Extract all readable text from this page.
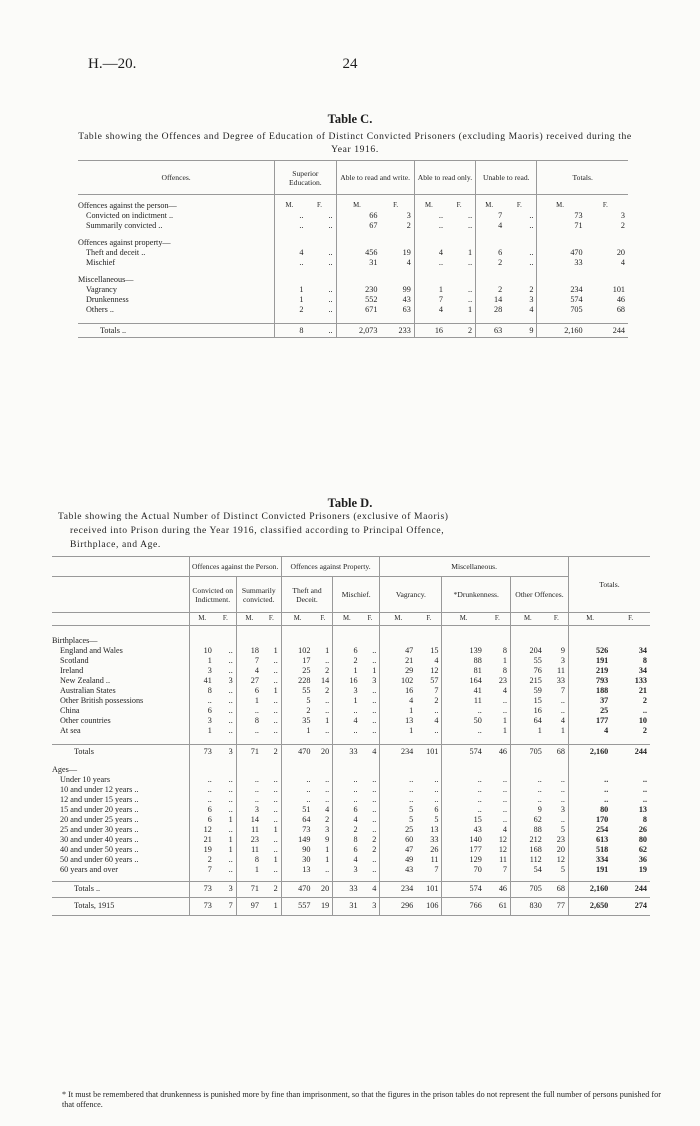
H.—20.	24
Table C.
Table showing the Offences and Degree of Education of Distinct Convicted Prisoners (excluding Maoris) received during the Year 1916.
Offences.	Superior Education.		Able to read and write.		Able to read only.		Unable to read.		Totals.	

Offences against the person—	M.	F.	M.	F.	M.	F.	M.	F.	M.	F.
Convicted on indictment ..	..	..	66	3	..	..	7	..	73	3
Summarily convicted ..	..	..	67	2	..	..	4	..	71	2

Offences against property—										
Theft and deceit ..	4	..	456	19	4	1	6	..	470	20
Mischief	..	..	31	4	..	..	2	..	33	4

Miscellaneous—										
Vagrancy	1	..	230	99	1	..	2	2	234	101
Drunkenness	1	..	552	43	7	..	14	3	574	46
Others ..	2	..	671	63	4	1	28	4	705	68

Totals ..	8	..	2,073	233	16	2	63	9	2,160	244
Table D.
Table showing the Actual Number of Distinct Convicted Prisoners (exclusive of Maoris)
received into Prison during the Year 1916, classified according to Principal Offence,
Birthplace, and Age.
	Offences against the Person.				Offences against Property.				Miscellaneous.						Totals.	
	Convicted on Indictment.		Summarily convicted.		Theft and Deceit.		Mischief.		Vagrancy.		*Drunkenness.		Other Offences.			
	M.	F.	M.	F.	M.	F.	M.	F.	M.	F.	M.	F.	M.	F.	M.	F.

Birthplaces—																
England and Wales	10	..	18	1	102	1	6	..	47	15	139	8	204	9	526	34
Scotland	1	..	7	..	17	..	2	..	21	4	88	1	55	3	191	8
Ireland	3	..	4	..	25	2	1	1	29	12	81	8	76	11	219	34
New Zealand ..	41	3	27	..	228	14	16	3	102	57	164	23	215	33	793	133
Australian States	8	..	6	1	55	2	3	..	16	7	41	4	59	7	188	21
Other British possessions	..	..	1	..	5	..	1	..	4	2	11	..	15	..	37	2
China	6	..	..	..	2	..	..	..	1	..	..	..	16	..	25	..
Other countries	3	..	8	..	35	1	4	..	13	4	50	1	64	4	177	10
At sea	1	..	..	..	1	..	..	..	1	..	..	1	1	1	4	2

Totals	73	3	71	2	470	20	33	4	234	101	574	46	705	68	2,160	244

Ages—																
Under 10 years	..	..	..	..	..	..	..	..	..	..	..	..	..	..	..	..
10 and under 12 years ..	..	..	..	..	..	..	..	..	..	..	..	..	..	..	..	..
12 and under 15 years ..	..	..	..	..	..	..	..	..	..	..	..	..	..	..	..	..
15 and under 20 years ..	6	..	3	..	51	4	6	..	5	6	..	..	9	3	80	13
20 and under 25 years ..	6	1	14	..	64	2	4	..	5	5	15	..	62	..	170	8
25 and under 30 years ..	12	..	11	1	73	3	2	..	25	13	43	4	88	5	254	26
30 and under 40 years ..	21	1	23	..	149	9	8	2	60	33	140	12	212	23	613	80
40 and under 50 years ..	19	1	11	..	90	1	6	2	47	26	177	12	168	20	518	62
50 and under 60 years ..	2	..	8	1	30	1	4	..	49	11	129	11	112	12	334	36
60 years and over	7	..	1	..	13	..	3	..	43	7	70	7	54	5	191	19

Totals ..	73	3	71	2	470	20	33	4	234	101	574	46	705	68	2,160	244
Totals, 1915	73	7	97	1	557	19	31	3	296	106	766	61	830	77	2,650	274
* It must be remembered that drunkenness is punished more by fine than imprisonment, so that the figures in the prison tables do not represent the full number of persons punished for that offence.
